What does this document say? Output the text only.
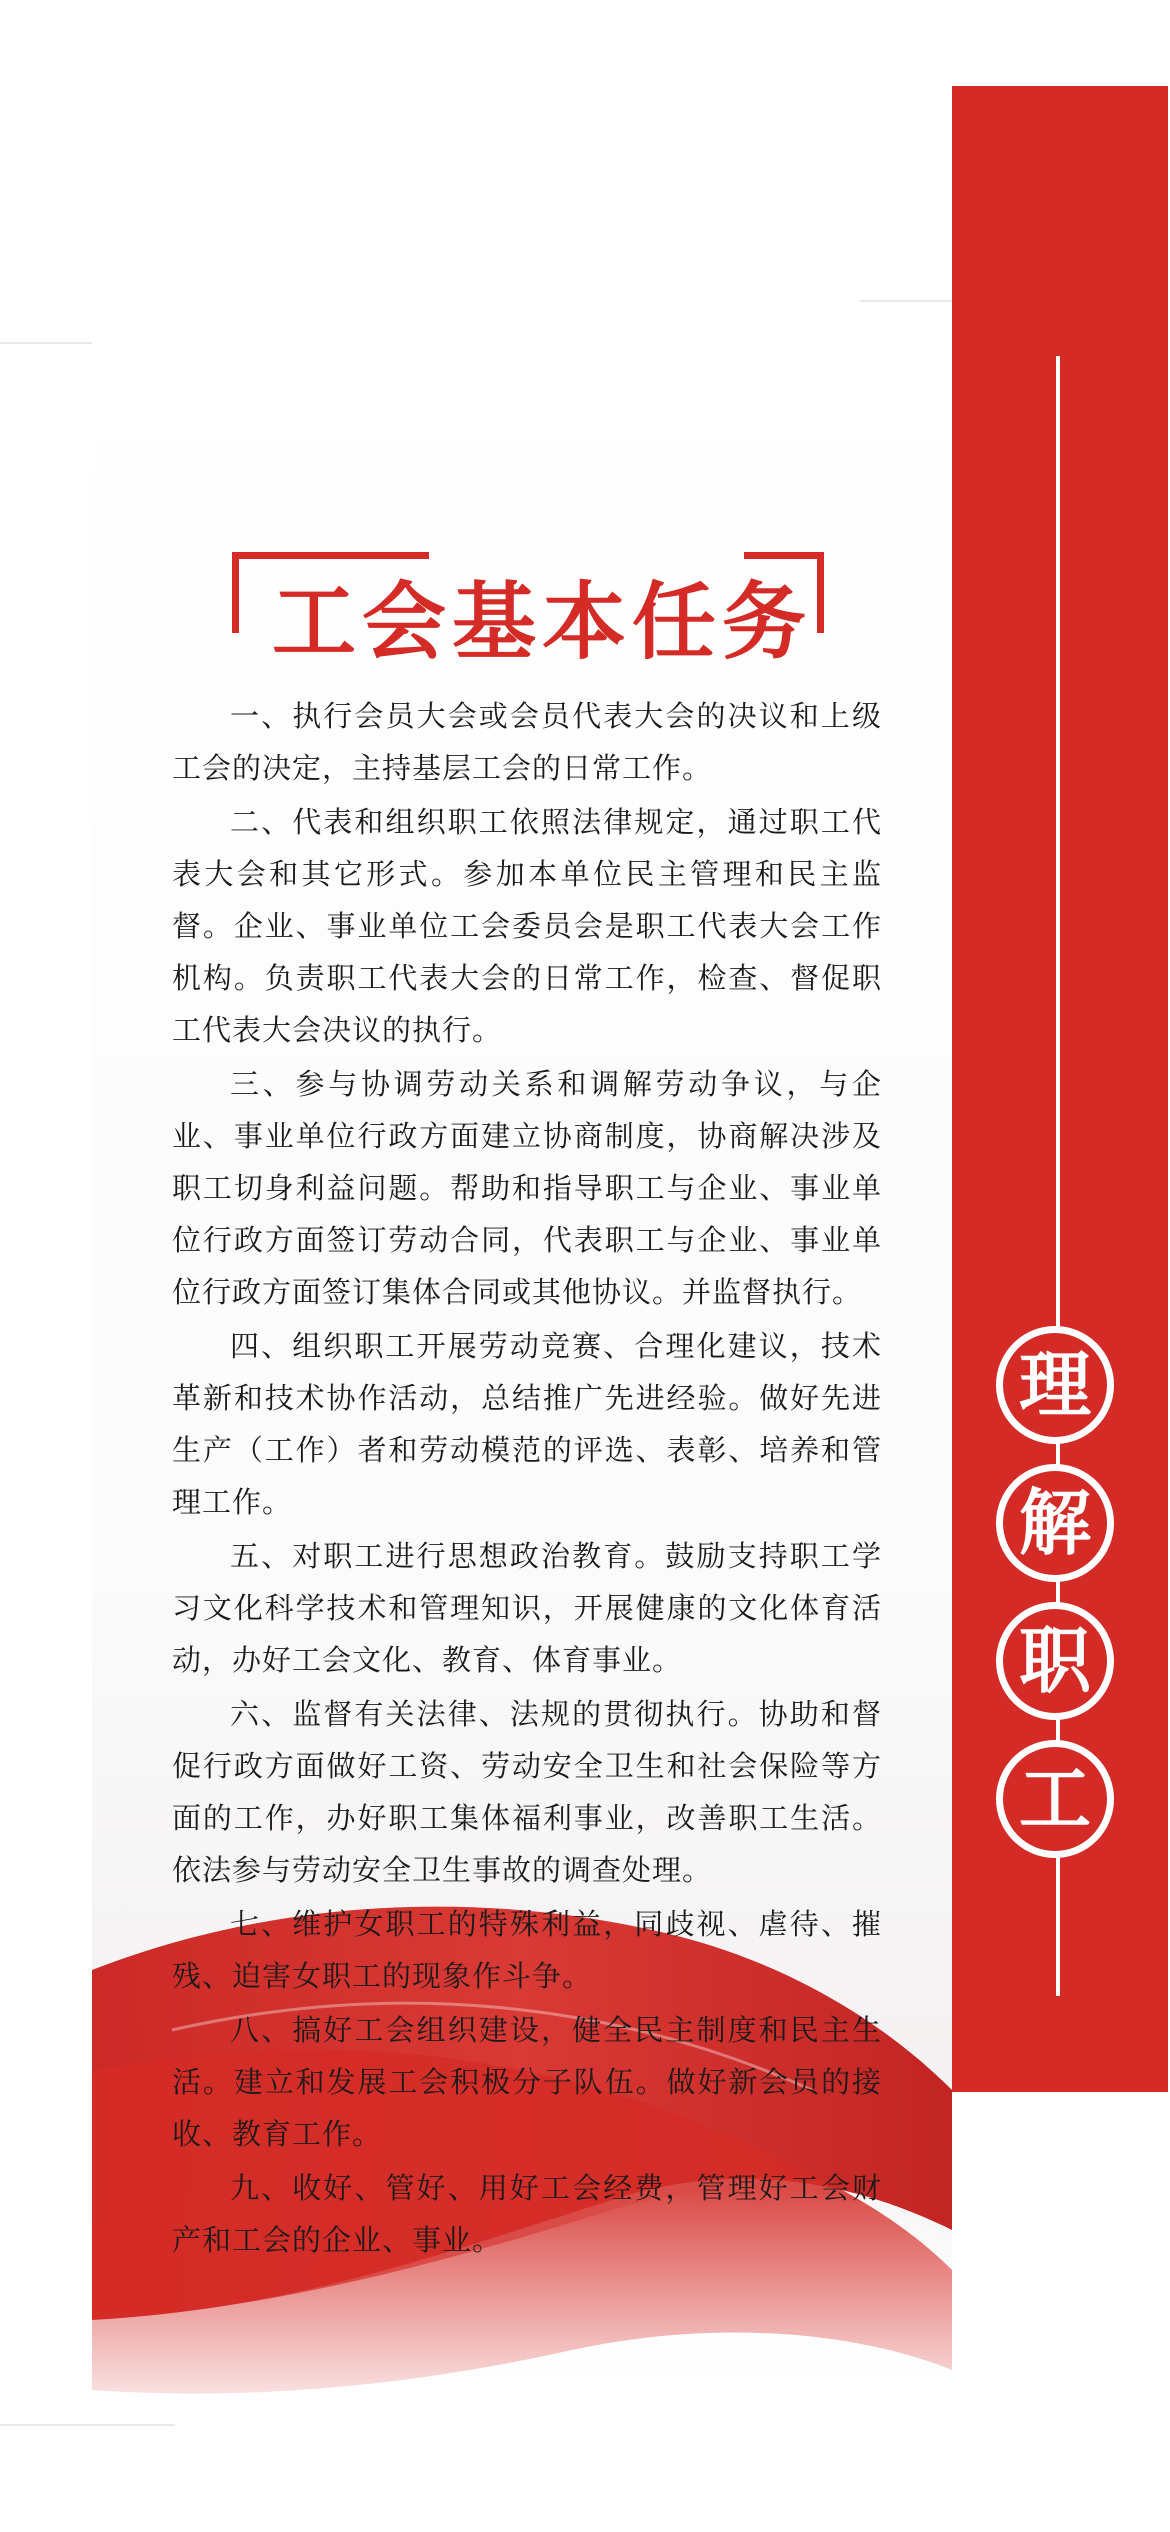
理
解
职
工
工会基本任务
一、执行会员大会或会员代表大会的决议和上级工会的决定，主持基层工会的日常工作。
二、代表和组织职工依照法律规定，通过职工代表大会和其它形式。参加本单位民主管理和民主监督。企业、事业单位工会委员会是职工代表大会工作机构。负责职工代表大会的日常工作，检查、督促职工代表大会决议的执行。
三、参与协调劳动关系和调解劳动争议，与企业、事业单位行政方面建立协商制度，协商解决涉及职工切身利益问题。帮助和指导职工与企业、事业单位行政方面签订劳动合同，代表职工与企业、事业单位行政方面签订集体合同或其他协议。并监督执行。
四、组织职工开展劳动竞赛、合理化建议，技术革新和技术协作活动，总结推广先进经验。做好先进生产（工作）者和劳动模范的评选、表彰、培养和管理工作。
五、对职工进行思想政治教育。鼓励支持职工学习文化科学技术和管理知识，开展健康的文化体育活动，办好工会文化、教育、体育事业。
六、监督有关法律、法规的贯彻执行。协助和督促行政方面做好工资、劳动安全卫生和社会保险等方面的工作，办好职工集体福利事业，改善职工生活。依法参与劳动安全卫生事故的调查处理。
七、维护女职工的特殊利益，同歧视、虐待、摧残、迫害女职工的现象作斗争。
八、搞好工会组织建设，健全民主制度和民主生活。建立和发展工会积极分子队伍。做好新会员的接收、教育工作。
九、收好、管好、用好工会经费，管理好工会财产和工会的企业、事业。
